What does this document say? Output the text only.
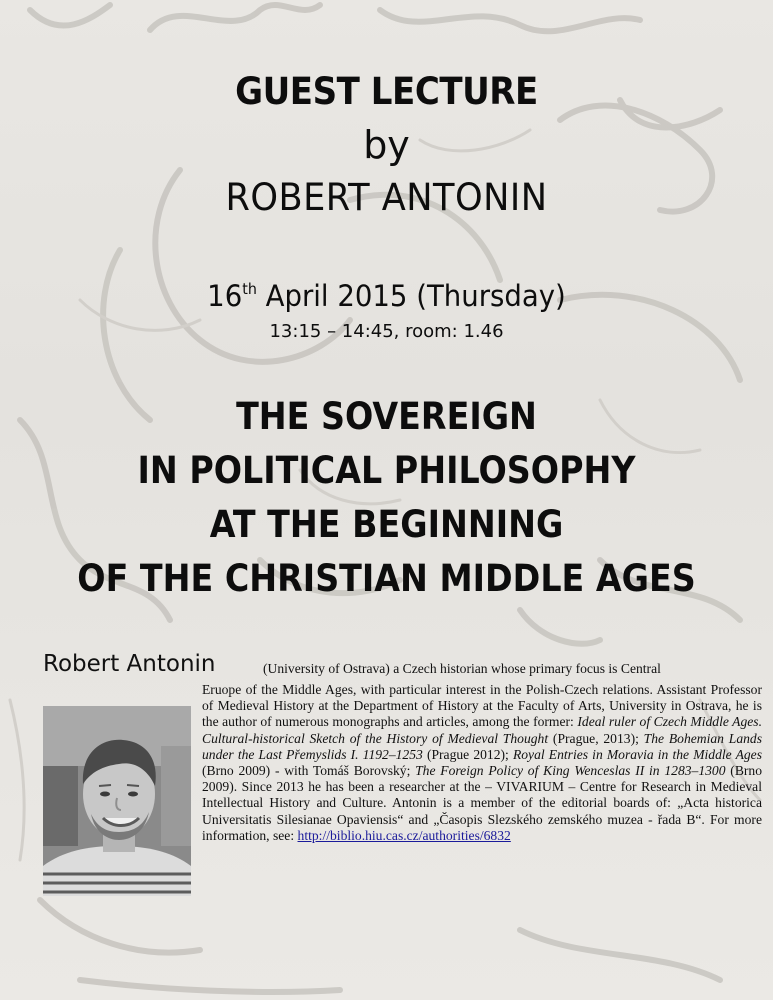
GUEST LECTURE
by
ROBERT ANTONIN
16th April 2015 (Thursday)
13:15 – 14:45, room: 1.46
THE SOVEREIGN
IN POLITICAL PHILOSOPHY
AT THE BEGINNING
OF THE CHRISTIAN MIDDLE AGES
Robert Antonin	(University of Ostrava) a Czech historian whose primary focus is Central
Eruope of the Middle Ages, with particular interest in the Polish-Czech relations. Assistant Professor of Medieval History at the Department of History at the Faculty of Arts, University in Ostrava, he is the author of numerous monographs and articles, among the former: Ideal ruler of Czech Middle Ages. Cultural-historical Sketch of the History of Medieval Thought (Prague, 2013); The Bohemian Lands under the Last Přemyslids I. 1192–1253 (Prague 2012); Royal Entries in Moravia in the Middle Ages (Brno 2009) - with Tomáš Borovský; The Foreign Policy of King Wenceslas II in 1283–1300 (Brno 2009). Since 2013 he has been a researcher at the – VIVARIUM – Centre for Research in Medieval Intellectual History and Culture. Antonin is a member of the editorial boards of: „Acta historica Universitatis Silesianae Opaviensis“ and „Časopis Slezského zemského muzea - řada B“. For more information, see: http://biblio.hiu.cas.cz/authorities/6832
